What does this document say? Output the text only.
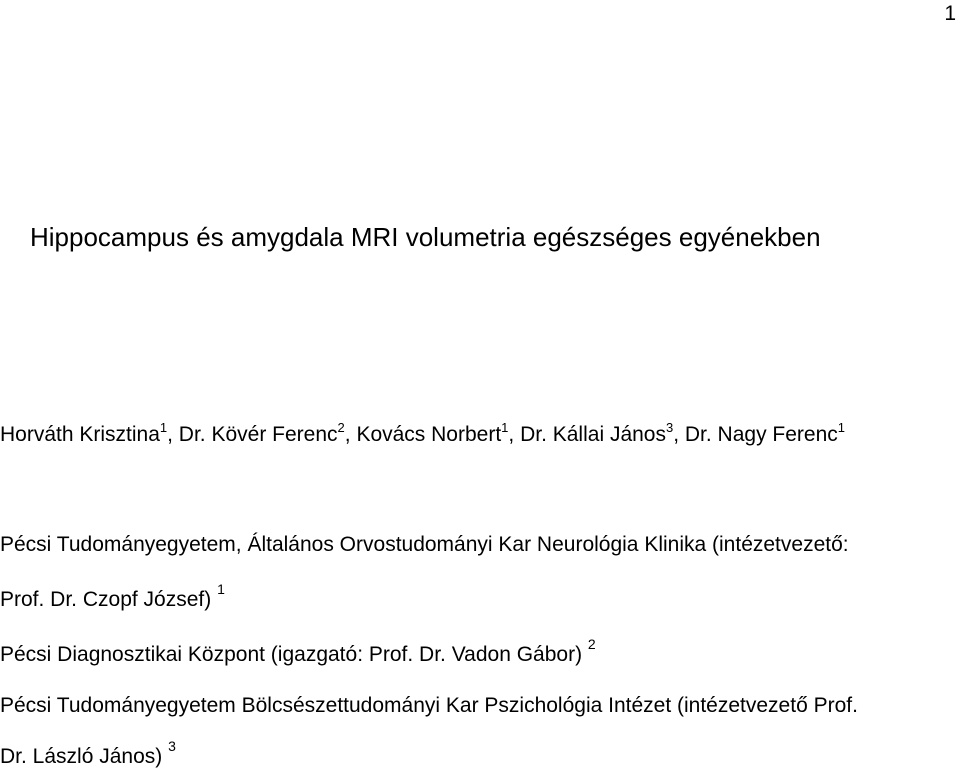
1
Hippocampus és amygdala MRI volumetria egészséges egyénekben
Horváth Krisztina$^1$, Dr. Kövér Ferenc$^2$, Kovács Norbert$^1$, Dr. Kállai János$^3$, Dr. Nagy Ferenc$^1$
Pécsi Tudományegyetem, Általános Orvostudományi Kar Neurológia Klinika (intézetvezető:
Prof. Dr. Czopf József) $^1$
Pécsi Diagnosztikai Központ (igazgató: Prof. Dr. Vadon Gábor) $^2$
Pécsi Tudományegyetem Bölcsészettudományi Kar Pszichológia Intézet (intézetvezető Prof.
Dr. László János) $^3$
